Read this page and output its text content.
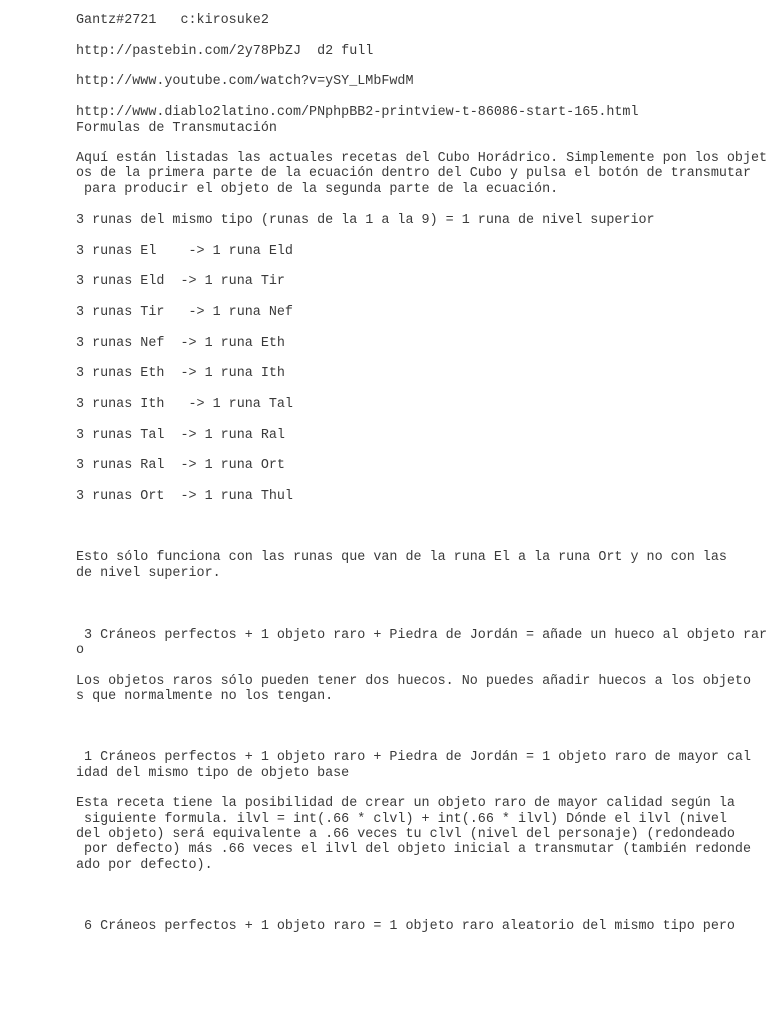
Gantz#2721   c:kirosuke2
http://pastebin.com/2y78PbZJ  d2 full
http://www.youtube.com/watch?v=ySY_LMbFwdM
http://www.diablo2latino.com/PNphpBB2-printview-t-86086-start-165.html
Formulas de Transmutación
Aquí están listadas las actuales recetas del Cubo Horádrico. Simplemente pon los objet
os de la primera parte de la ecuación dentro del Cubo y pulsa el botón de transmutar
para producir el objeto de la segunda parte de la ecuación.
3 runas del mismo tipo (runas de la 1 a la 9) = 1 runa de nivel superior
3 runas El    -> 1 runa Eld
3 runas Eld  -> 1 runa Tir
3 runas Tir   -> 1 runa Nef
3 runas Nef  -> 1 runa Eth
3 runas Eth  -> 1 runa Ith
3 runas Ith   -> 1 runa Tal
3 runas Tal  -> 1 runa Ral
3 runas Ral  -> 1 runa Ort
3 runas Ort  -> 1 runa Thul
Esto sólo funciona con las runas que van de la runa El a la runa Ort y no con las
de nivel superior.
3 Cráneos perfectos + 1 objeto raro + Piedra de Jordán = añade un hueco al objeto rar
o
Los objetos raros sólo pueden tener dos huecos. No puedes añadir huecos a los objeto
s que normalmente no los tengan.
1 Cráneos perfectos + 1 objeto raro + Piedra de Jordán = 1 objeto raro de mayor cal
idad del mismo tipo de objeto base
Esta receta tiene la posibilidad de crear un objeto raro de mayor calidad según la
siguiente formula. ilvl = int(.66 * clvl) + int(.66 * ilvl) Dónde el ilvl (nivel
del objeto) será equivalente a .66 veces tu clvl (nivel del personaje) (redondeado
por defecto) más .66 veces el ilvl del objeto inicial a transmutar (también redonde
ado por defecto).
6 Cráneos perfectos + 1 objeto raro = 1 objeto raro aleatorio del mismo tipo pero
